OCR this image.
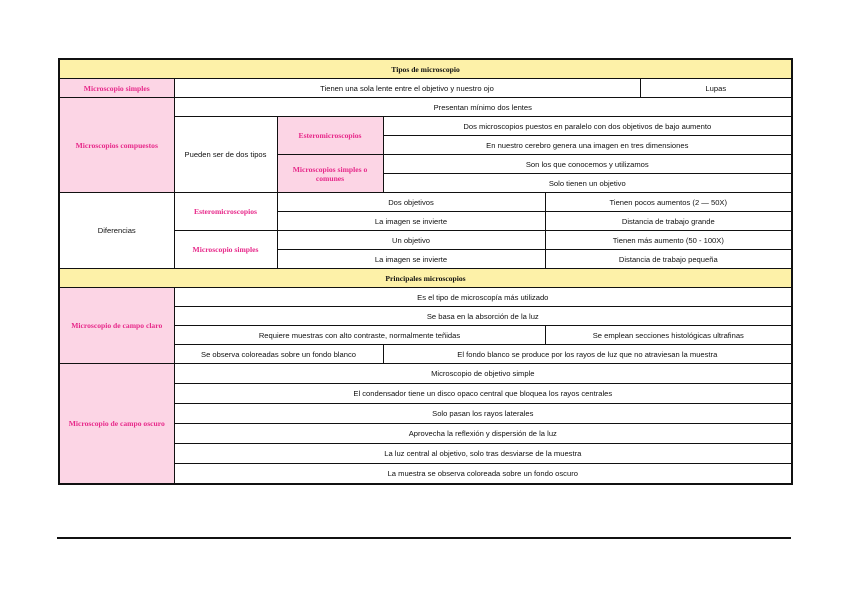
Tipos de microscopio					
Microscopio simples	Tienen una sola lente entre el objetivo y nuestro ojo				Lupas
Microscopios compuestos	Presentan mínimo dos lentes				
	Pueden ser de dos tipos	Esteromicroscopios	Dos microscopios puestos en paralelo con dos objetivos de bajo aumento		
			En nuestro cerebro genera una imagen en tres dimensiones		
		Microscopios simples o comunes	Son los que conocemos y utilizamos		
			Solo tienen un objetivo		
Diferencias	Esteromicroscopios	Dos objetivos		Tienen pocos aumentos (2 — 50X)	
		La imagen se invierte		Distancia de trabajo grande	
	Microscopio simples	Un objetivo		Tienen más aumento (50 - 100X)	
		La imagen se invierte		Distancia de trabajo pequeña	
Principales microscopios					
Microscopio de campo claro	Es el tipo de microscopía más utilizado				
	Se basa en la absorción de la luz				
	Requiere muestras con alto contraste, normalmente teñidas			Se emplean secciones histológicas ultrafinas	
	Se observa coloreadas sobre un fondo blanco		El fondo blanco se produce por los rayos de luz que no atraviesan la muestra		
Microscopio de campo oscuro	Microscopio de objetivo simple				
	El condensador tiene un disco opaco central que bloquea los rayos centrales				
	Solo pasan los rayos laterales				
	Aprovecha la reflexión y dispersión de la luz				
	La luz central al objetivo, solo tras desviarse de la muestra				
	La muestra se observa coloreada sobre un fondo oscuro				
